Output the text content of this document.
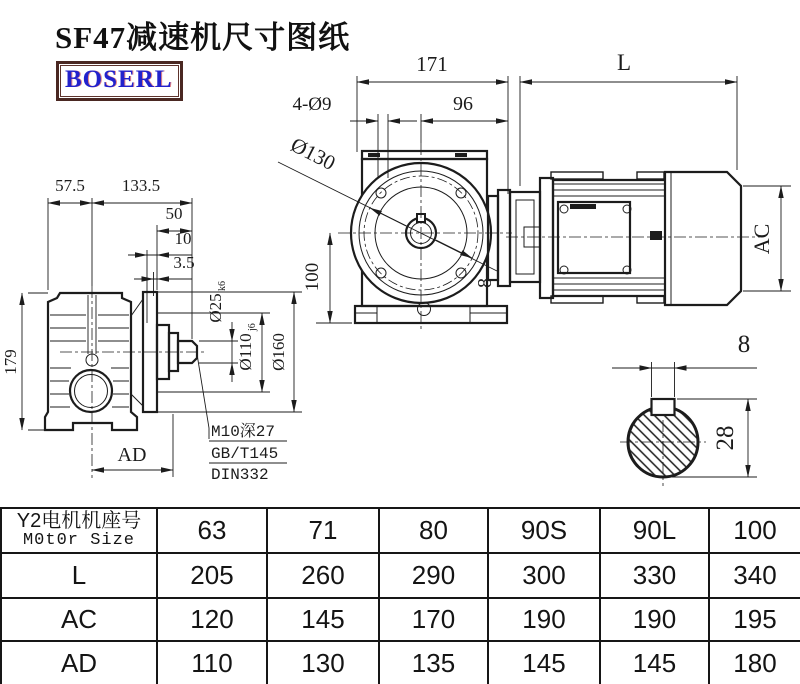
57.5 133.5
50
10
3.5
179
AD
Ø25
k6
Ø110
j6
Ø160
M10深27
GB/T145
DIN332
171	L
96
4-Ø9
Ø130
100	8
AC
8
28
SF47减速机尺寸图纸
BOSERL
Y2电机机座号
M0t0r Size	63	71	80	90S	90L	100
L	205	260	290	300	330	340
AC	120	145	170	190	190	195
AD	110	130	135	145	145	180
